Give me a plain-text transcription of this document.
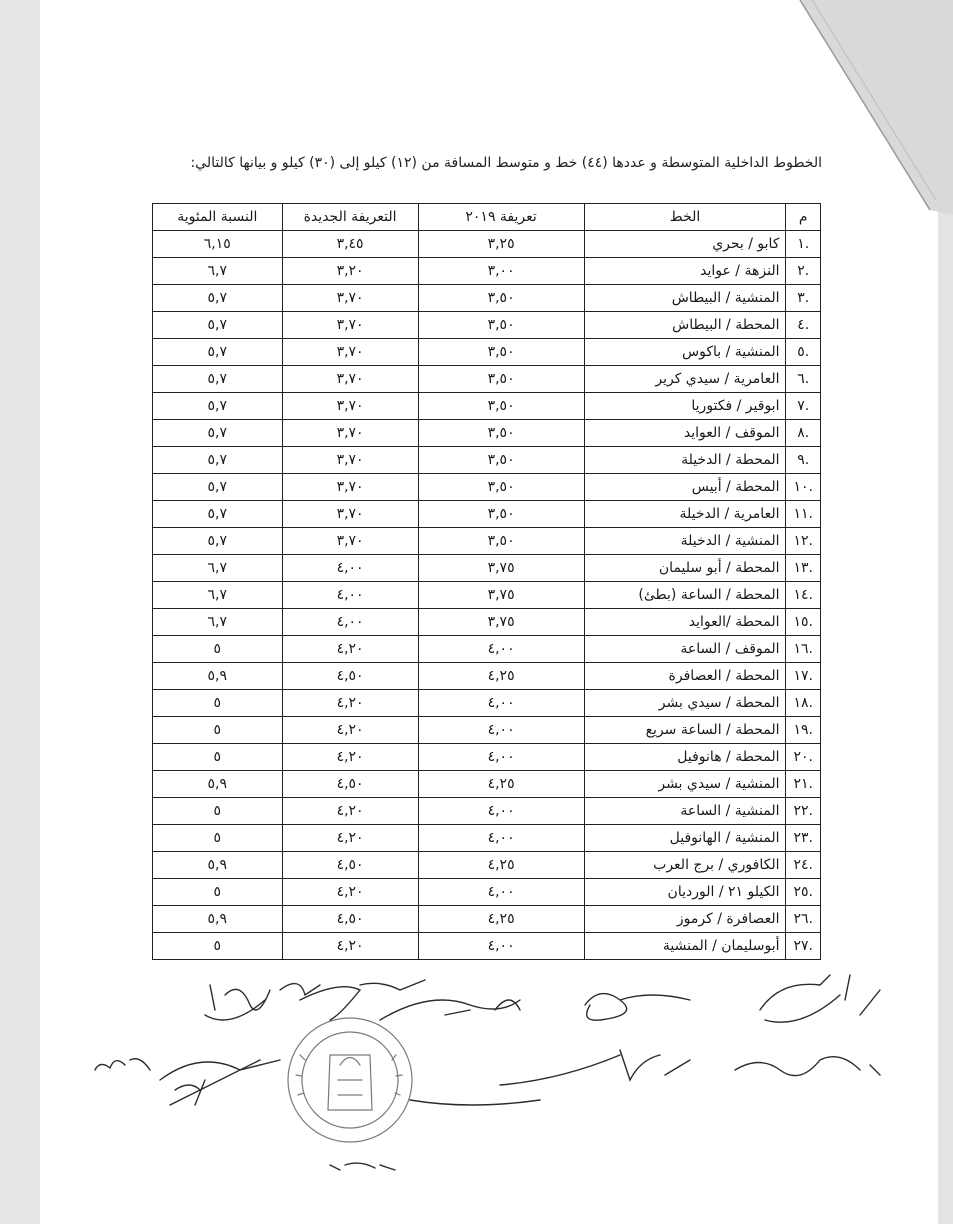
الخطوط الداخلية المتوسطة و عددها (٤٤) خط و متوسط المسافة من (١٢) كيلو إلى (٣٠) كيلو و بيانها كالتالي:
م	الخط	تعريفة ٢٠١٩	التعريفة الجديدة	النسبة المئوية
.١	كابو / بحري	٣,٢٥	٣,٤٥	٦,١٥
.٢	النزهة / عوايد	٣,٠٠	٣,٢٠	٦,٧
.٣	المنشية / البيطاش	٣,٥٠	٣,٧٠	٥,٧
.٤	المحطة / البيطاش	٣,٥٠	٣,٧٠	٥,٧
.٥	المنشية / باكوس	٣,٥٠	٣,٧٠	٥,٧
.٦	العامرية / سيدي كرير	٣,٥٠	٣,٧٠	٥,٧
.٧	ابوقير / فكتوريا	٣,٥٠	٣,٧٠	٥,٧
.٨	الموقف / العوايد	٣,٥٠	٣,٧٠	٥,٧
.٩	المحطة / الدخيلة	٣,٥٠	٣,٧٠	٥,٧
.١٠	المحطة / أبيس	٣,٥٠	٣,٧٠	٥,٧
.١١	العامرية / الدخيلة	٣,٥٠	٣,٧٠	٥,٧
.١٢	المنشية / الدخيلة	٣,٥٠	٣,٧٠	٥,٧
.١٣	المحطة / أبو سليمان	٣,٧٥	٤,٠٠	٦,٧
.١٤	المحطة / الساعة (بطئ)	٣,٧٥	٤,٠٠	٦,٧
.١٥	المحطة /العوايد	٣,٧٥	٤,٠٠	٦,٧
.١٦	الموقف / الساعة	٤,٠٠	٤,٢٠	٥
.١٧	المحطة / العصافرة	٤,٢٥	٤,٥٠	٥,٩
.١٨	المحطة / سيدي بشر	٤,٠٠	٤,٢٠	٥
.١٩	المحطة / الساعة سريع	٤,٠٠	٤,٢٠	٥
.٢٠	المحطة / هانوفيل	٤,٠٠	٤,٢٠	٥
.٢١	المنشية / سيدي بشر	٤,٢٥	٤,٥٠	٥,٩
.٢٢	المنشية / الساعة	٤,٠٠	٤,٢٠	٥
.٢٣	المنشية / الهانوفيل	٤,٠٠	٤,٢٠	٥
.٢٤	الكافوري / برج العرب	٤,٢٥	٤,٥٠	٥,٩
.٢٥	الكيلو ٢١ / الورديان	٤,٠٠	٤,٢٠	٥
.٢٦	العصافرة / كرموز	٤,٢٥	٤,٥٠	٥,٩
.٢٧	أبوسليمان / المنشية	٤,٠٠	٤,٢٠	٥
